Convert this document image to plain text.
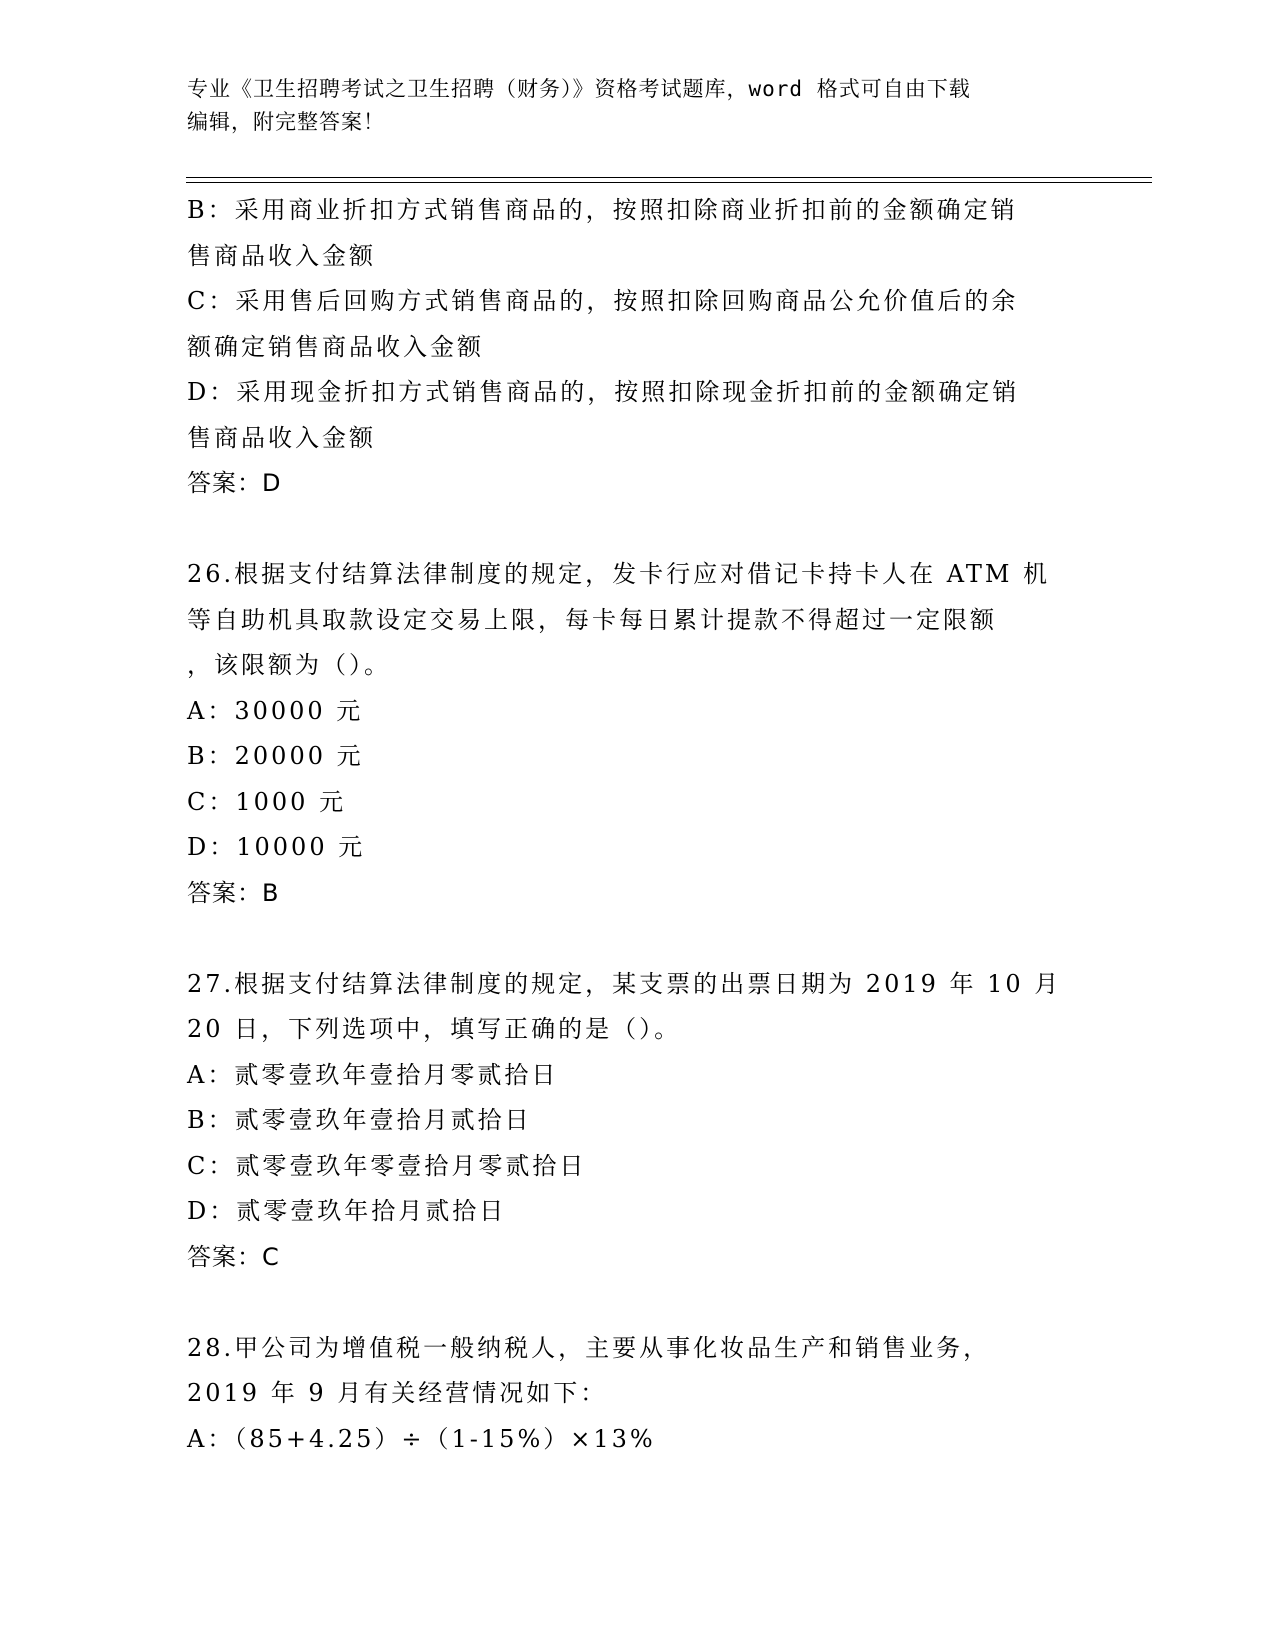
专业《卫生招聘考试之卫生招聘（财务）》资格考试题库，word 格式可自由下载
编辑，附完整答案！
B：采用商业折扣方式销售商品的，按照扣除商业折扣前的金额确定销
售商品收入金额
C：采用售后回购方式销售商品的，按照扣除回购商品公允价值后的余
额确定销售商品收入金额
D：采用现金折扣方式销售商品的，按照扣除现金折扣前的金额确定销
售商品收入金额
答案：D
26.根据支付结算法律制度的规定，发卡行应对借记卡持卡人在 ATM 机
等自助机具取款设定交易上限，每卡每日累计提款不得超过一定限额
，该限额为（）。
A：30000 元
B：20000 元
C：1000 元
D：10000 元
答案：B
27.根据支付结算法律制度的规定，某支票的出票日期为 2019 年 10 月
20 日，下列选项中，填写正确的是（）。
A：贰零壹玖年壹拾月零贰拾日
B：贰零壹玖年壹拾月贰拾日
C：贰零壹玖年零壹拾月零贰拾日
D：贰零壹玖年拾月贰拾日
答案：C
28.甲公司为增值税一般纳税人，主要从事化妆品生产和销售业务，
2019 年 9 月有关经营情况如下：
A：（85+4.25）÷（1-15%）×13%
